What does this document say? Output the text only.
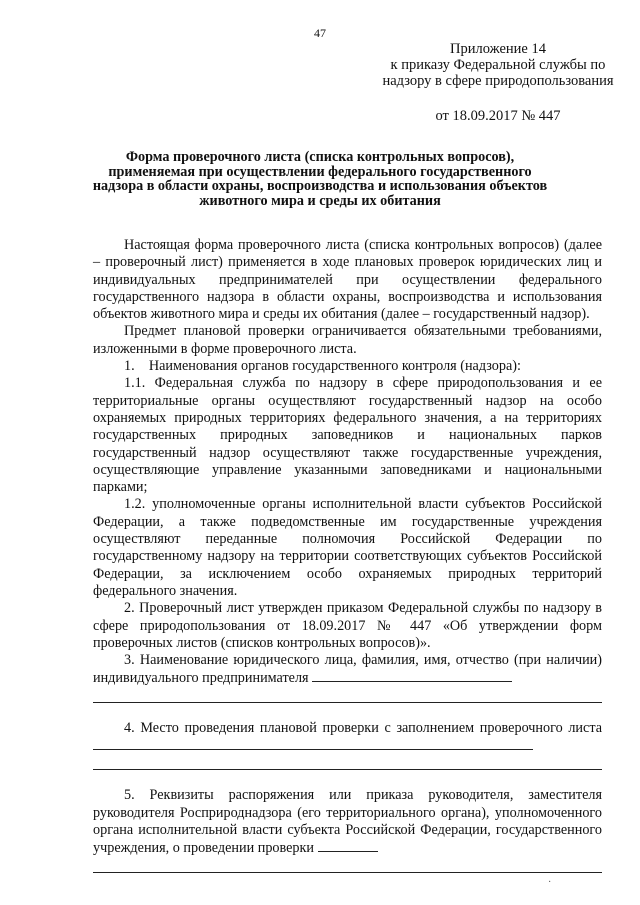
47
Приложение 14
к приказу Федеральной службы по
надзору в сфере природопользования
от 18.09.2017 № 447
Форма проверочного листа (списка контрольных вопросов),
применяемая при осуществлении федерального государственного
надзора в области охраны, воспроизводства и использования объектов
животного мира и среды их обитания

Настоящая форма проверочного листа (списка контрольных вопросов) (далее – проверочный лист) применяется в ходе плановых проверок юридических лиц и индивидуальных предпринимателей при осуществлении федерального государственного надзора в области охраны, воспроизводства и использования объектов животного мира и среды их обитания (далее – государственный надзор).

Предмет плановой проверки ограничивается обязательными требованиями, изложенными в форме проверочного листа.

1.    Наименования органов государственного контроля (надзора):

1.1. Федеральная служба по надзору в сфере природопользования и ее территориальные органы осуществляют государственный надзор на особо охраняемых природных территориях федерального значения, а на территориях государственных природных заповедников и национальных парков государственный надзор осуществляют также государственные учреждения, осуществляющие управление указанными заповедниками и национальными парками;

1.2. уполномоченные органы исполнительной власти субъектов Российской Федерации, а также подведомственные им государственные учреждения осуществляют переданные полномочия Российской Федерации по государственному надзору на территории соответствующих субъектов Российской Федерации, за исключением особо охраняемых природных территорий федерального значения.

2. Проверочный лист утвержден приказом Федеральной службы по надзору в сфере природопользования от 18.09.2017 № 447 «Об утверждении форм проверочных листов (списков контрольных вопросов)».

3. Наименование юридического лица, фамилия, имя, отчество (при наличии) индивидуального предпринимателя

4. Место проведения плановой проверки с заполнением проверочного листа

5. Реквизиты распоряжения или приказа руководителя, заместителя руководителя Росприроднадзора (его территориального органа), уполномоченного органа исполнительной власти субъекта Российской Федерации, государственного учреждения, о проведении проверки

·
